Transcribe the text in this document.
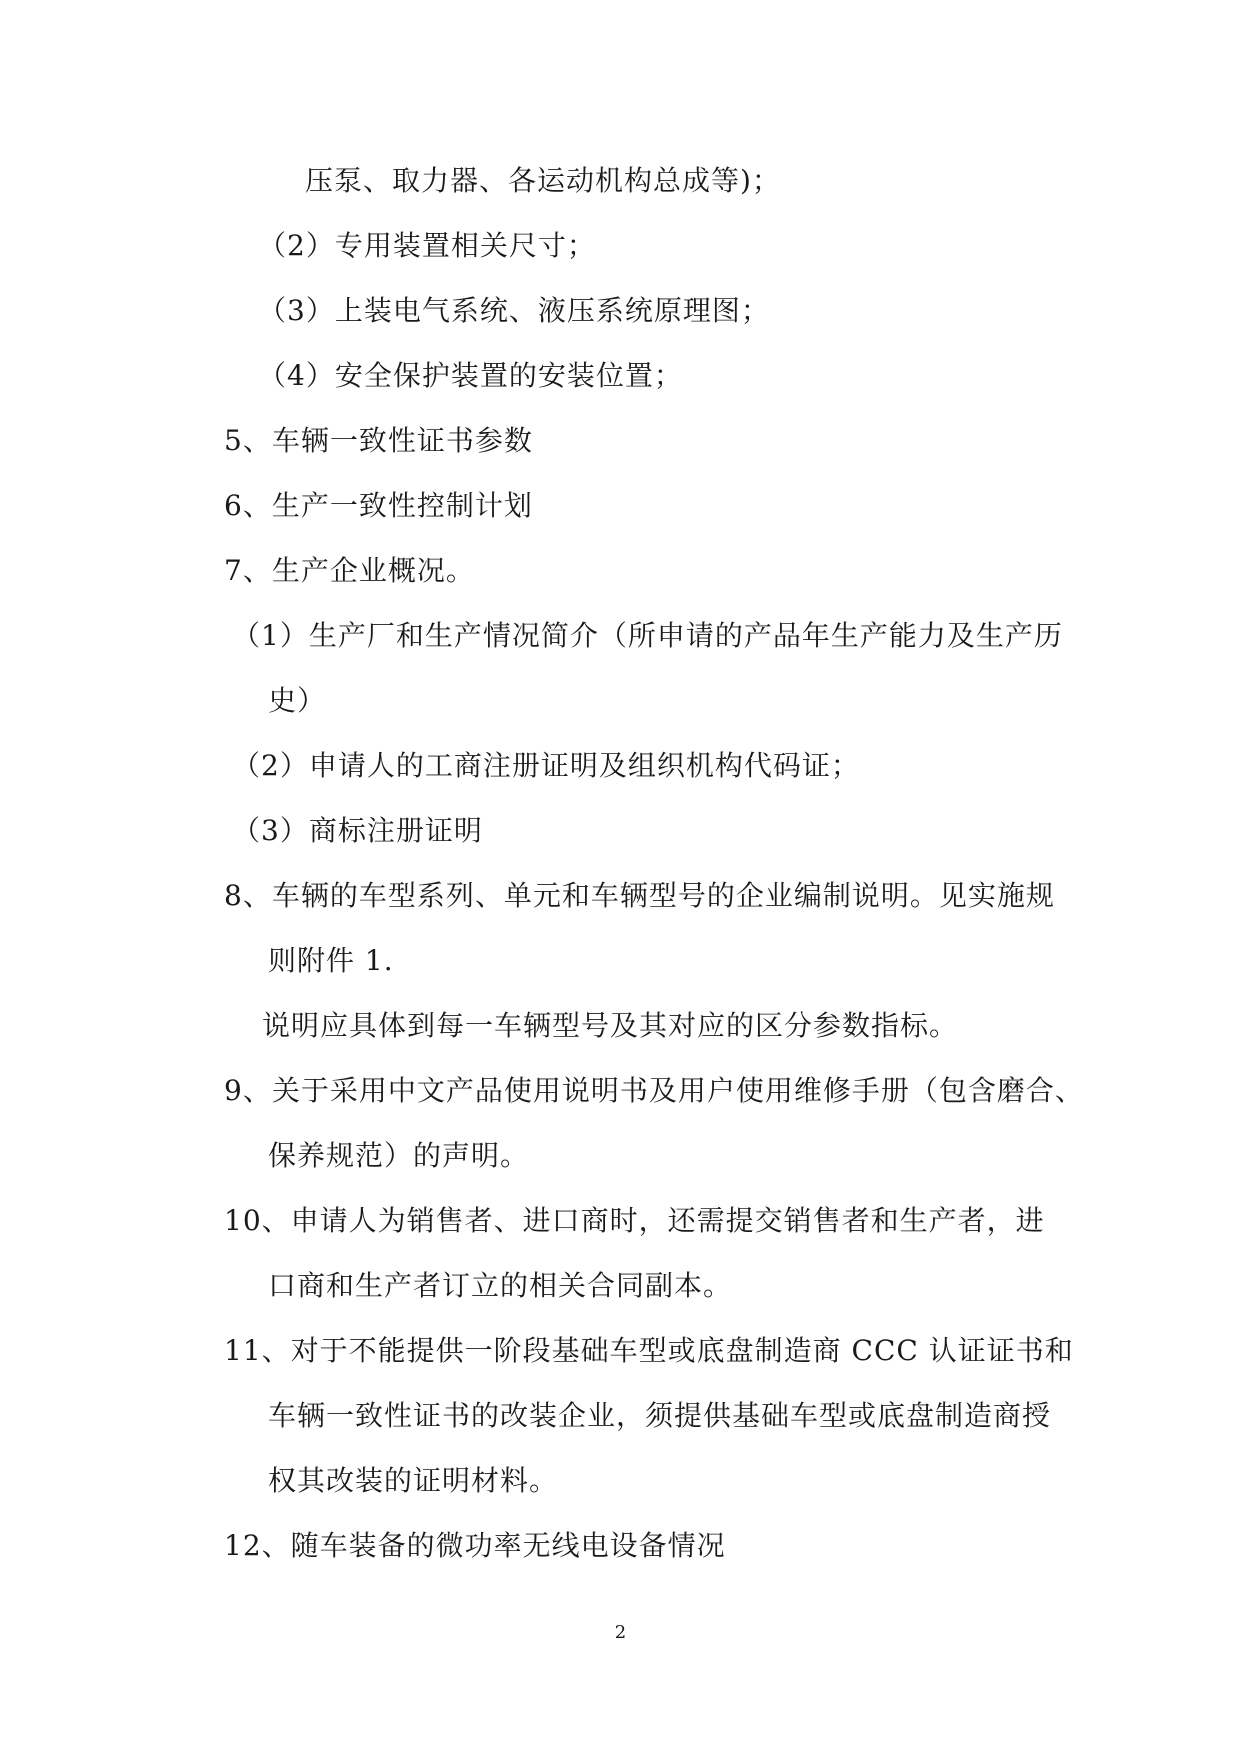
压泵、取力器、各运动机构总成等)；
（2）专用装置相关尺寸；
（3）上装电气系统、液压系统原理图；
（4）安全保护装置的安装位置；
5、车辆一致性证书参数
6、生产一致性控制计划
7、生产企业概况。
（1）生产厂和生产情况简介（所申请的产品年生产能力及生产历
史）
（2）申请人的工商注册证明及组织机构代码证；
（3）商标注册证明
8、车辆的车型系列、单元和车辆型号的企业编制说明。见实施规
则附件 1.
说明应具体到每一车辆型号及其对应的区分参数指标。
9、关于采用中文产品使用说明书及用户使用维修手册（包含磨合、
保养规范）的声明。
10、申请人为销售者、进口商时，还需提交销售者和生产者，进
口商和生产者订立的相关合同副本。
11、对于不能提供一阶段基础车型或底盘制造商 CCC 认证证书和
车辆一致性证书的改装企业，须提供基础车型或底盘制造商授
权其改装的证明材料。
12、随车装备的微功率无线电设备情况
2
